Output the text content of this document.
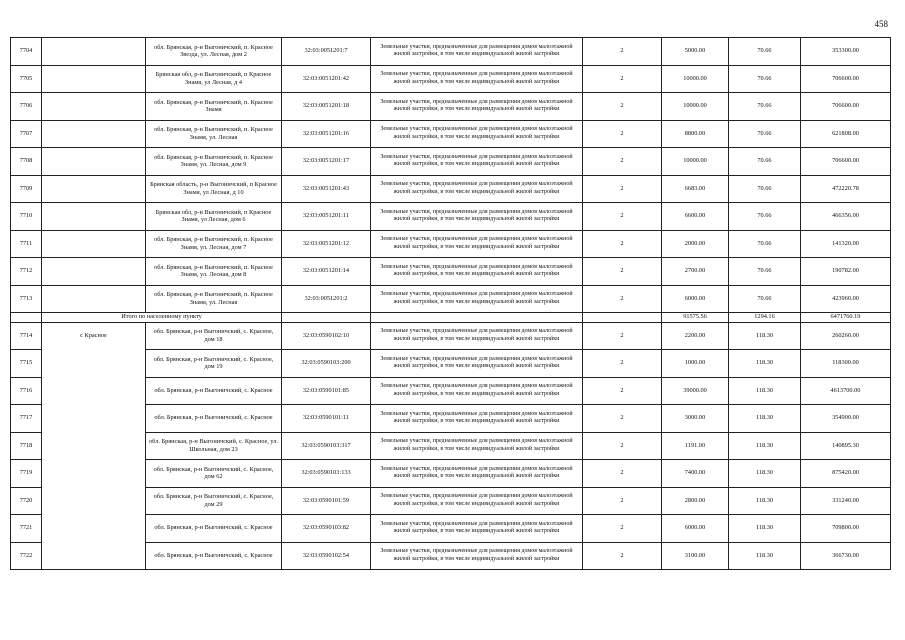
458
7704		обл. Брянская, р-н Выгоничский, п. Красное Звезда, ул. Лесная, дом 2	32:03:0051201:7	Земельные участки, предназначенные для размещения домов малоэтажной жилой застройки, в том числе индивидуальной жилой застройки	2	5000.00	70.66	353300.00
7705		Брянская обл, р-н Выгоничский, п Красное Знамя, ул Лесная, д 4	32:03:0051201:42	Земельные участки, предназначенные для размещения домов малоэтажной жилой застройки, в том числе индивидуальной жилой застройки	2	10000.00	70.66	706600.00
7706		обл. Брянская, р-н Выгоничский, п. Красное Знамя	32:03:0051201:18	Земельные участки, предназначенные для размещения домов малоэтажной жилой застройки, в том числе индивидуальной жилой застройки	2	10000.00	70.66	706600.00
7707		обл. Брянская, р-н Выгоничский, п. Красное Знамя, ул. Лесная	32:03:0051201:16	Земельные участки, предназначенные для размещения домов малоэтажной жилой застройки, в том числе индивидуальной жилой застройки	2	8800.00	70.66	621808.00
7708		обл. Брянская, р-н Выгоничский, п. Красное Знамя, ул. Лесная, дом 9	32:03:0051201:17	Земельные участки, предназначенные для размещения домов малоэтажной жилой застройки, в том числе индивидуальной жилой застройки	2	10000.00	70.66	706600.00
7709		Брянская область, р-н Выгоничский, п Красное Знамя, ул Лесная, д 10	32:03:0051201:43	Земельные участки, предназначенные для размещения домов малоэтажной жилой застройки, в том числе индивидуальной жилой застройки	2	6683.00	70.66	472220.78
7710		Брянская обл, р-н Выгоничский, п Красное Знамя, ул Лесная, дом 6	32:03:0051201:11	Земельные участки, предназначенные для размещения домов малоэтажной жилой застройки, в том числе индивидуальной жилой застройки	2	6600.00	70.66	466356.00
7711		обл. Брянская, р-н Выгоничский, п. Красное Знамя, ул. Лесная, дом 7	32:03:0051201:12	Земельные участки, предназначенные для размещения домов малоэтажной жилой застройки, в том числе индивидуальной жилой застройки	2	2000.00	70.66	141320.00
7712		обл. Брянская, р-н Выгоничский, п. Красное Знамя, ул. Лесная, дом 8	32:03:0051201:14	Земельные участки, предназначенные для размещения домов малоэтажной жилой застройки, в том числе индивидуальной жилой застройки	2	2700.00	70.66	190782.00
7713		обл. Брянская, р-н Выгоничский, п. Красное Знамя, ул. Лесная	32:03:0051201:2	Земельные участки, предназначенные для размещения домов малоэтажной жилой застройки, в том числе индивидуальной жилой застройки	2	6000.00	70.66	423960.00
	Итого по населенному пункту					91575.56	1294.16	6471760.19
7714	с Красное	обл. Брянская, р-н Выгоничский, с. Красное, дом 18	32:03:0590102:10	Земельные участки, предназначенные для размещения домов малоэтажной жилой застройки, в том числе индивидуальной жилой застройки	2	2200.00	118.30	260260.00
7715		обл. Брянская, р-н Выгоничский, с. Красное, дом 19	32:03:0590103:200	Земельные участки, предназначенные для размещения домов малоэтажной жилой застройки, в том числе индивидуальной жилой застройки	2	1000.00	118.30	118300.00
7716		обл. Брянская, р-н Выгоничский, с. Красное	32:03:0590101:85	Земельные участки, предназначенные для размещения домов малоэтажной жилой застройки, в том числе индивидуальной жилой застройки	2	39000.00	118.30	4613700.00
7717		обл. Брянская, р-н Выгоничский, с. Красное	32:03:0590101:11	Земельные участки, предназначенные для размещения домов малоэтажной жилой застройки, в том числе индивидуальной жилой застройки	2	3000.00	118.30	354900.00
7718		обл. Брянская, р-н Выгоничский, с. Красное, ул. Школьная, дом 23	32:03:0590103:317	Земельные участки, предназначенные для размещения домов малоэтажной жилой застройки, в том числе индивидуальной жилой застройки	2	1191.00	118.30	140895.30
7719		обл. Брянская, р-н Выгоничский, с. Красное, дом 62	32:03:0590103:133	Земельные участки, предназначенные для размещения домов малоэтажной жилой застройки, в том числе индивидуальной жилой застройки	2	7400.00	118.30	875420.00
7720		обл. Брянская, р-н Выгоничский, с. Красное, дом 29	32:03:0590101:59	Земельные участки, предназначенные для размещения домов малоэтажной жилой застройки, в том числе индивидуальной жилой застройки	2	2800.00	118.30	331240.00
7721		обл. Брянская, р-н Выгоничский, с. Красное	32:03:0590103:82	Земельные участки, предназначенные для размещения домов малоэтажной жилой застройки, в том числе индивидуальной жилой застройки	2	6000.00	118.30	709800.00
7722		обл. Брянская, р-н Выгоничский, с. Красное	32:03:0590102:54	Земельные участки, предназначенные для размещения домов малоэтажной жилой застройки, в том числе индивидуальной жилой застройки	2	3100.00	118.30	366730.00
